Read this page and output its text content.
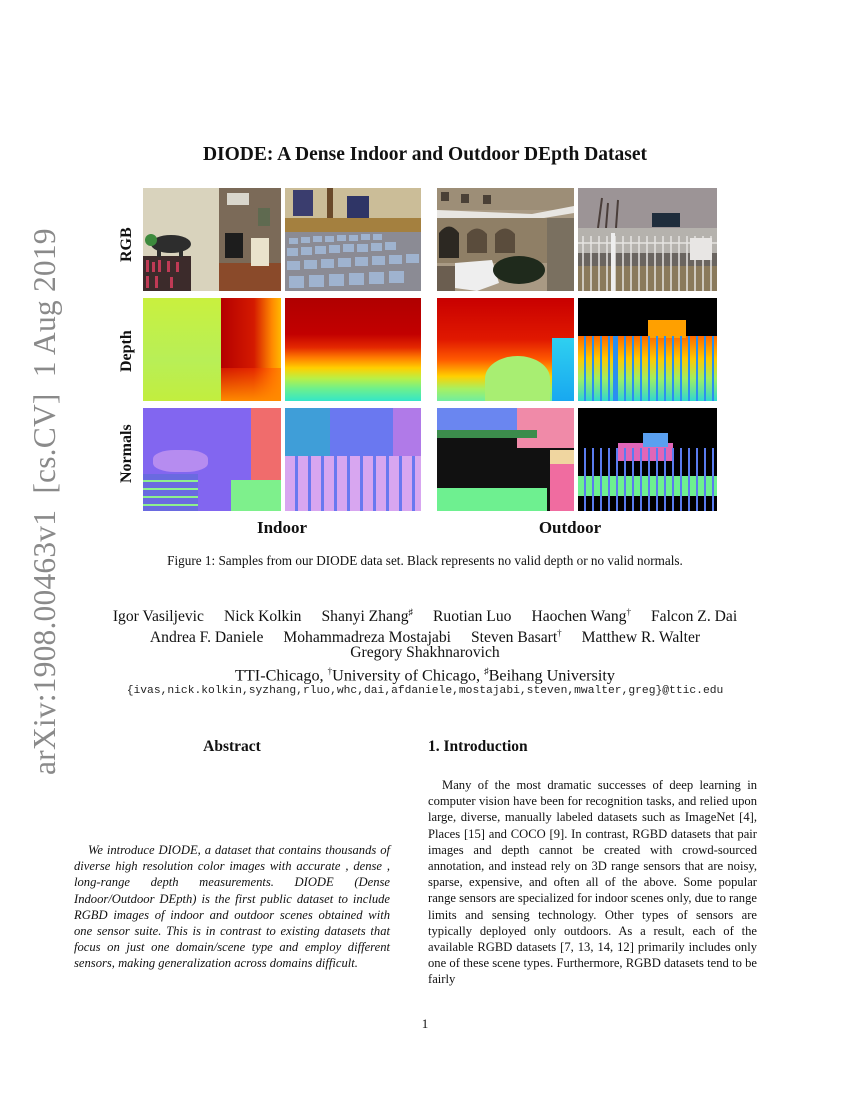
arXiv:1908.00463v1  [cs.CV]  1 Aug 2019
DIODE: A Dense Indoor and Outdoor DEpth Dataset
RGB
Depth
Normals
Indoor	Outdoor
Figure 1: Samples from our DIODE data set. Black represents no valid depth or no valid normals.
Igor Vasiljevic Nick Kolkin Shanyi Zhang♯ Ruotian Luo Haochen Wang† Falcon Z. Dai
Andrea F. Daniele Mohammadreza Mostajabi Steven Basart† Matthew R. Walter
Gregory Shakhnarovich
TTI-Chicago, †University of Chicago, ♯Beihang University
{ivas,nick.kolkin,syzhang,rluo,whc,dai,afdaniele,mostajabi,steven,mwalter,greg}@ttic.edu
Abstract
We introduce DIODE, a dataset that contains thousands of diverse high resolution color images with accurate , dense , long-range depth measurements. DIODE (Dense Indoor/Outdoor DEpth) is the first public dataset to include RGBD images of indoor and outdoor scenes obtained with one sensor suite. This is in contrast to existing datasets that focus on just one domain/scene type and employ different sensors, making generalization across domains difficult.
1. Introduction
Many of the most dramatic successes of deep learning in computer vision have been for recognition tasks, and relied upon large, diverse, manually labeled datasets such as ImageNet [4], Places [15] and COCO [9]. In contrast, RGBD datasets that pair images and depth cannot be created with crowd-sourced annotation, and instead rely on 3D range sensors that are noisy, sparse, expensive, and often all of the above. Some popular range sensors are specialized for indoor scenes only, due to range limits and sensing technology. Other types of sensors are typically deployed only outdoors. As a result, each of the available RGBD datasets [7, 13, 14, 12] primarily includes only one of these scene types. Furthermore, RGBD datasets tend to be fairly
1
